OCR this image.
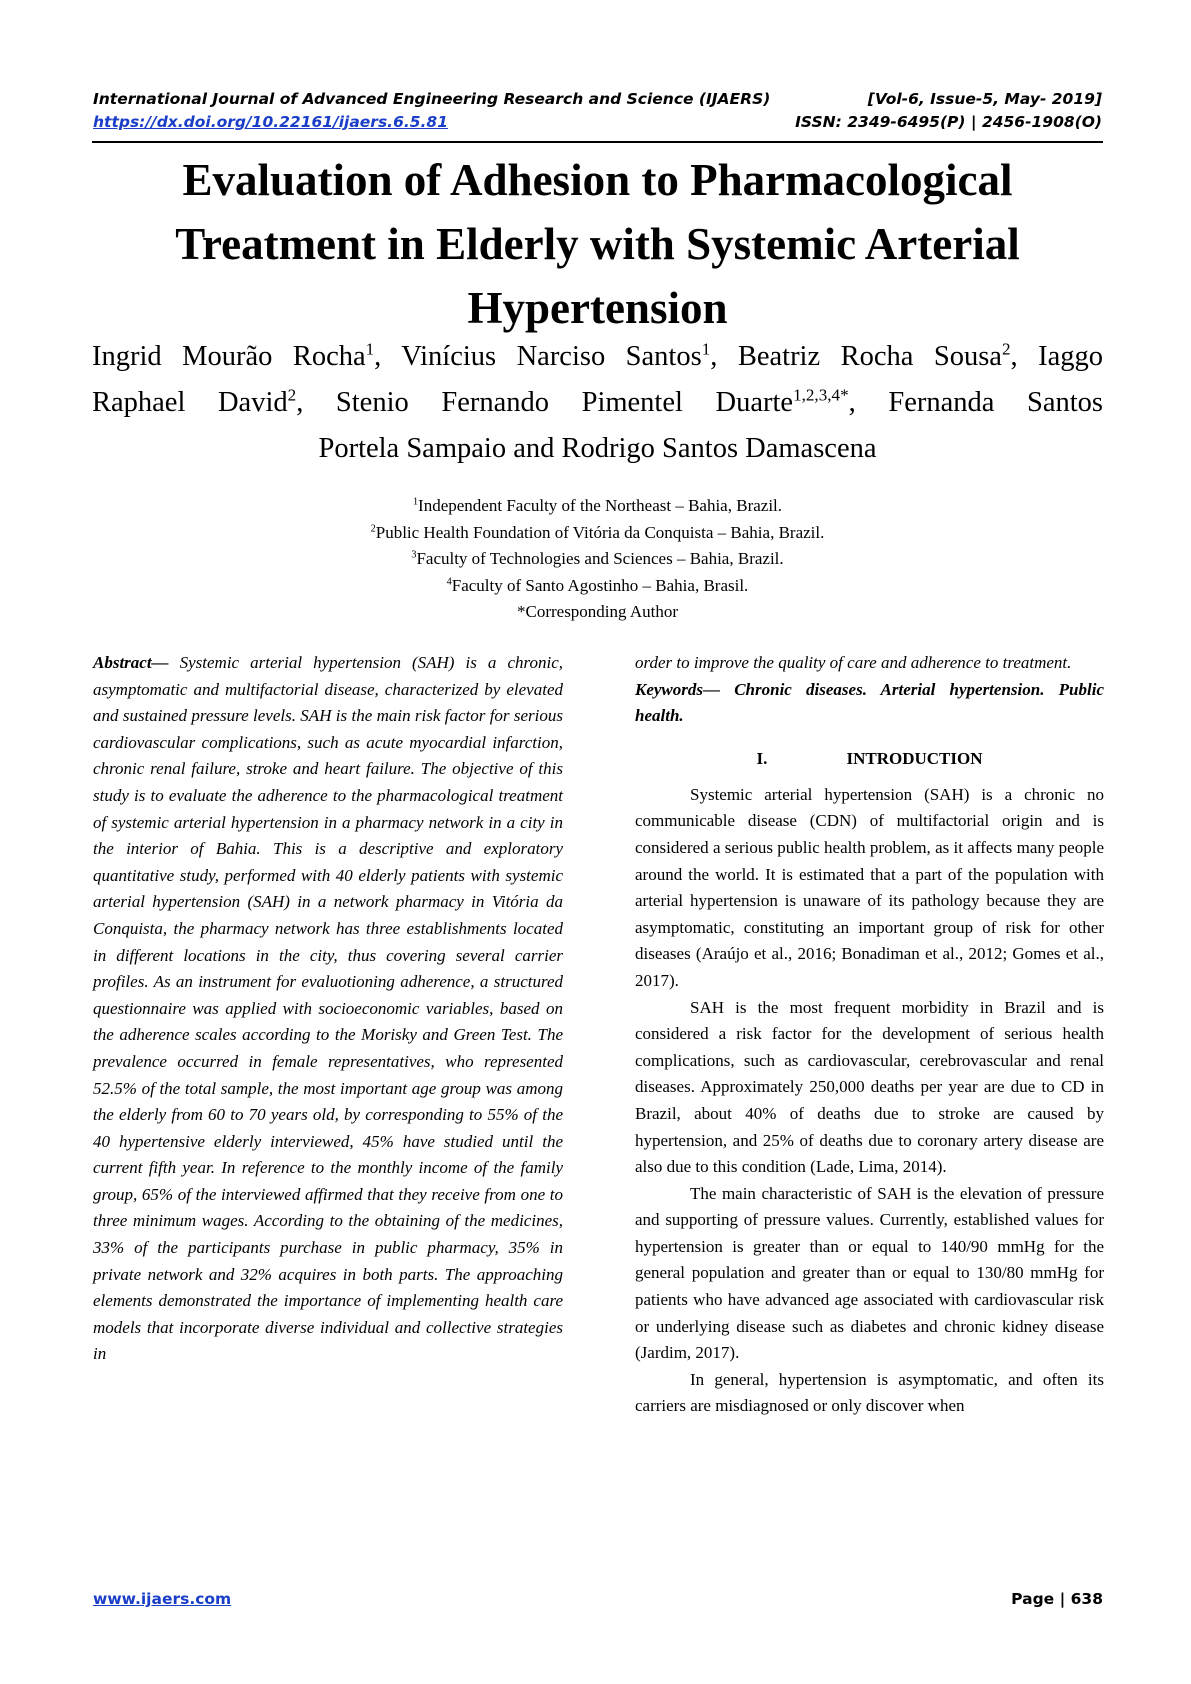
International Journal of Advanced Engineering Research and Science (IJAERS)
https://dx.doi.org/10.22161/ijaers.6.5.81
[Vol-6, Issue-5, May- 2019]
ISSN: 2349-6495(P) | 2456-1908(O)
Evaluation of Adhesion to Pharmacological
Treatment in Elderly with Systemic Arterial
Hypertension
Ingrid Mourão Rocha$^1$, Vinícius Narciso Santos$^1$, Beatriz Rocha Sousa$^2$, Iaggo
Raphael David$^2$, Stenio Fernando Pimentel Duarte$^{1,2,3,4*}$, Fernanda Santos
Portela Sampaio and Rodrigo Santos Damascena
$^1$Independent Faculty of the Northeast – Bahia, Brazil.
$^2$Public Health Foundation of Vitória da Conquista – Bahia, Brazil.
$^3$Faculty of Technologies and Sciences – Bahia, Brazil.
$^4$Faculty of Santo Agostinho – Bahia, Brasil.
*Corresponding Author
Abstract— Systemic arterial hypertension (SAH) is a chronic, asymptomatic and multifactorial disease, characterized by elevated and sustained pressure levels. SAH is the main risk factor for serious cardiovascular complications, such as acute myocardial infarction, chronic renal failure, stroke and heart failure. The objective of this study is to evaluate the adherence to the pharmacological treatment of systemic arterial hypertension in a pharmacy network in a city in the interior of Bahia. This is a descriptive and exploratory quantitative study, performed with 40 elderly patients with systemic arterial hypertension (SAH) in a network pharmacy in Vitória da Conquista, the pharmacy network has three establishments located in different locations in the city, thus covering several carrier profiles. As an instrument for evaluotioning adherence, a structured questionnaire was applied with socioeconomic variables, based on the adherence scales according to the Morisky and Green Test. The prevalence occurred in female representatives, who represented 52.5% of the total sample, the most important age group was among the elderly from 60 to 70 years old, by corresponding to 55% of the 40 hypertensive elderly interviewed, 45% have studied until the current fifth year. In reference to the monthly income of the family group, 65% of the interviewed affirmed that they receive from one to three minimum wages. According to the obtaining of the medicines, 33% of the participants purchase in public pharmacy, 35% in private network and 32% acquires in both parts. The approaching elements demonstrated the importance of implementing health care models that incorporate diverse individual and collective strategies in
order to improve the quality of care and adherence to treatment.
Keywords— Chronic diseases. Arterial hypertension. Public health.
I.	INTRODUCTION
Systemic arterial hypertension (SAH) is a chronic no communicable disease (CDN) of multifactorial origin and is considered a serious public health problem, as it affects many people around the world. It is estimated that a part of the population with arterial hypertension is unaware of its pathology because they are asymptomatic, constituting an important group of risk for other diseases (Araújo et al., 2016; Bonadiman et al., 2012; Gomes et al., 2017).
SAH is the most frequent morbidity in Brazil and is considered a risk factor for the development of serious health complications, such as cardiovascular, cerebrovascular and renal diseases. Approximately 250,000 deaths per year are due to CD in Brazil, about 40% of deaths due to stroke are caused by hypertension, and 25% of deaths due to coronary artery disease are also due to this condition (Lade, Lima, 2014).
The main characteristic of SAH is the elevation of pressure and supporting of pressure values. Currently, established values for hypertension is greater than or equal to 140/90 mmHg for the general population and greater than or equal to 130/80 mmHg for patients who have advanced age associated with cardiovascular risk or underlying disease such as diabetes and chronic kidney disease (Jardim, 2017).
In general, hypertension is asymptomatic, and often its carriers are misdiagnosed or only discover when
www.ijaers.com	Page | 638
